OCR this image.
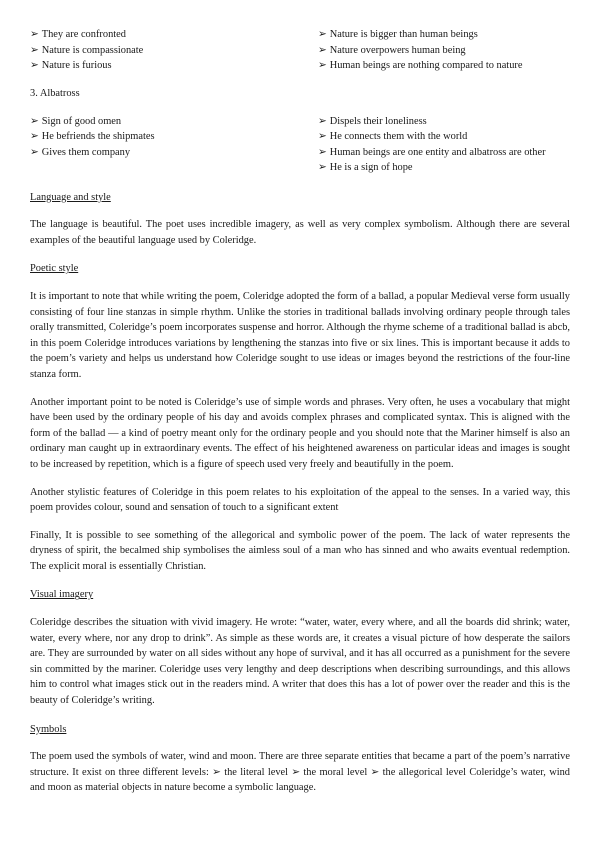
➢ They are confronted
➢ Nature is compassionate
➢ Nature is furious
➢ Nature is bigger than human beings
➢ Nature overpowers human being
➢ Human beings are nothing compared to nature
3. Albatross
➢ Sign of good omen
➢ He befriends the shipmates
➢ Gives them company
➢ Dispels their loneliness
➢ He connects them with the world
➢ Human beings are one entity and albatross are other
➢ He is a sign of hope
Language and style

The language is beautiful. The poet uses incredible imagery, as well as very complex symbolism. Although there are several examples of the beautiful language used by Coleridge.

Poetic style

It is important to note that while writing the poem, Coleridge adopted the form of a ballad, a popular Medieval verse form usually consisting of four line stanzas in simple rhythm. Unlike the stories in traditional ballads involving ordinary people through tales orally transmitted, Coleridge’s poem incorporates suspense and horror. Although the rhyme scheme of a traditional ballad is abcb, in this poem Coleridge introduces variations by lengthening the stanzas into five or six lines. This is important because it adds to the poem’s variety and helps us understand how Coleridge sought to use ideas or images beyond the restrictions of the four-line stanza form.

Another important point to be noted is Coleridge’s use of simple words and phrases. Very often, he uses a vocabulary that might have been used by the ordinary people of his day and avoids complex phrases and complicated syntax. This is aligned with the form of the ballad — a kind of poetry meant only for the ordinary people and you should note that the Mariner himself is also an ordinary man caught up in extraordinary events. The effect of his heightened awareness on particular ideas and images is sought to be increased by repetition, which is a figure of speech used very freely and beautifully in the poem.

Another stylistic features of Coleridge in this poem relates to his exploitation of the appeal to the senses. In a varied way, this poem provides colour, sound and sensation of touch to a significant extent

Finally, It is possible to see something of the allegorical and symbolic power of the poem. The lack of water represents the dryness of spirit, the becalmed ship symbolises the aimless soul of a man who has sinned and who awaits eventual redemption. The explicit moral is essentially Christian.

Visual imagery

Coleridge describes the situation with vivid imagery. He wrote: “water, water, every where, and all the boards did shrink; water, water, every where, nor any drop to drink”. As simple as these words are, it creates a visual picture of how desperate the sailors are. They are surrounded by water on all sides without any hope of survival, and it has all occurred as a punishment for the severe sin committed by the mariner. Coleridge uses very lengthy and deep descriptions when describing surroundings, and this allows him to control what images stick out in the readers mind. A writer that does this has a lot of power over the reader and this is the beauty of Coleridge’s writing.

Symbols

The poem used the symbols of water, wind and moon. There are three separate entities that became a part of the poem’s narrative structure. It exist on three different levels: ➢ the literal level ➢ the moral level ➢ the allegorical level Coleridge’s water, wind and moon as material objects in nature become a symbolic language.
